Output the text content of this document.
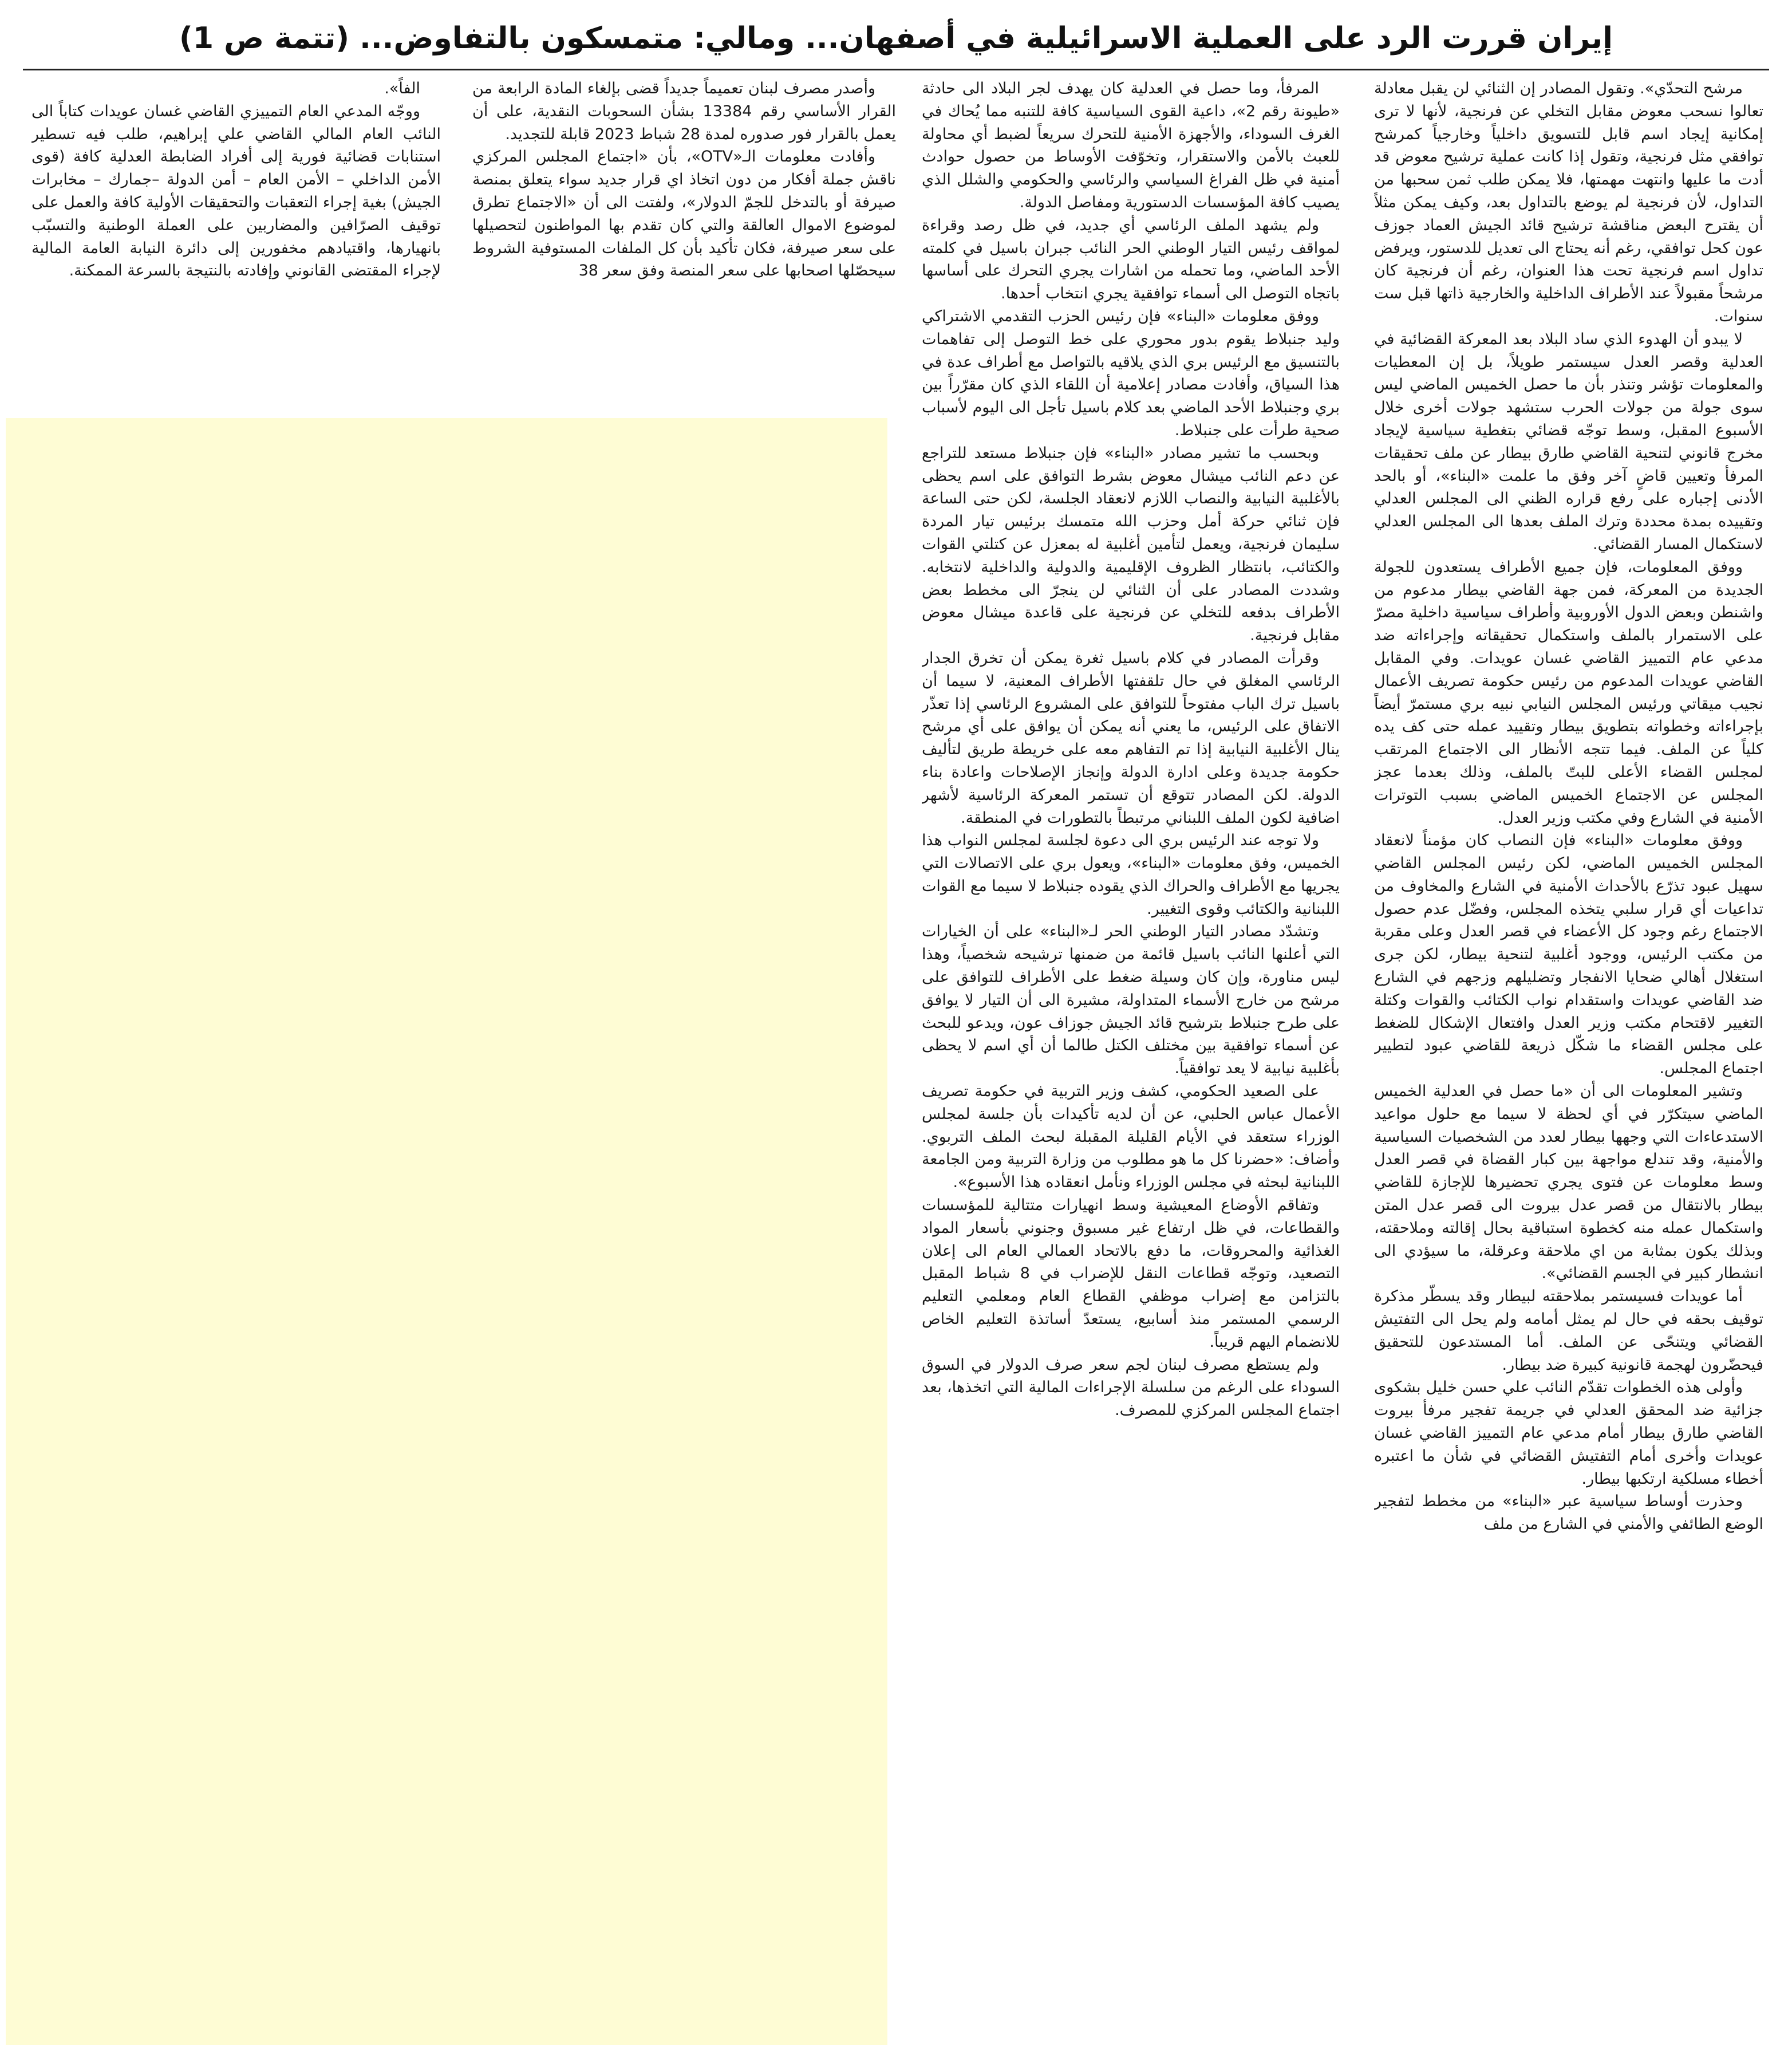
إيران قررت الرد على العملية الاسرائيلية في أصفهان... ومالي: متمسكون بالتفاوض... (تتمة ص 1)

مرشح التحدّي». وتقول المصادر إن الثنائي لن يقبل معادلة تعالوا نسحب معوض مقابل التخلي عن فرنجية، لأنها لا ترى إمكانية إيجاد اسم قابل للتسويق داخلياً وخارجياً كمرشح توافقي مثل فرنجية، وتقول إذا كانت عملية ترشيح معوض قد أدت ما عليها وانتهت مهمتها، فلا يمكن طلب ثمن سحبها من التداول، لأن فرنجية لم يوضع بالتداول بعد، وكيف يمكن مثلاً أن يقترح البعض مناقشة ترشيح قائد الجيش العماد جوزف عون كحل توافقي، رغم أنه يحتاج الى تعديل للدستور، ويرفض تداول اسم فرنجية تحت هذا العنوان، رغم أن فرنجية كان مرشحاً مقبولاً عند الأطراف الداخلية والخارجية ذاتها قبل ست سنوات.

لا يبدو أن الهدوء الذي ساد البلاد بعد المعركة القضائية في العدلية وقصر العدل سيستمر طويلاً، بل إن المعطيات والمعلومات تؤشر وتنذر بأن ما حصل الخميس الماضي ليس سوى جولة من جولات الحرب ستشهد جولات أخرى خلال الأسبوع المقبل، وسط توجّه قضائي بتغطية سياسية لإيجاد مخرج قانوني لتنحية القاضي طارق بيطار عن ملف تحقيقات المرفأ وتعيين قاضٍ آخر وفق ما علمت «البناء»، أو بالحد الأدنى إجباره على رفع قراره الظني الى المجلس العدلي وتقييده بمدة محددة وترك الملف بعدها الى المجلس العدلي لاستكمال المسار القضائي.

ووفق المعلومات، فإن جميع الأطراف يستعدون للجولة الجديدة من المعركة، فمن جهة القاضي بيطار مدعوم من واشنطن وبعض الدول الأوروبية وأطراف سياسية داخلية مصرّ على الاستمرار بالملف واستكمال تحقيقاته وإجراءاته ضد مدعي عام التمييز القاضي غسان عويدات. وفي المقابل القاضي عويدات المدعوم من رئيس حكومة تصريف الأعمال نجيب ميقاتي ورئيس المجلس النيابي نبيه بري مستمرّ أيضاً بإجراءاته وخطواته بتطويق بيطار وتقييد عمله حتى كف يده كلياً عن الملف. فيما تتجه الأنظار الى الاجتماع المرتقب لمجلس القضاء الأعلى للبتّ بالملف، وذلك بعدما عجز المجلس عن الاجتماع الخميس الماضي بسبب التوترات الأمنية في الشارع وفي مكتب وزير العدل.

ووفق معلومات «البناء» فإن النصاب كان مؤمناً لانعقاد المجلس الخميس الماضي، لكن رئيس المجلس القاضي سهيل عبود تذرّع بالأحداث الأمنية في الشارع والمخاوف من تداعيات أي قرار سلبي يتخذه المجلس، وفضّل عدم حصول الاجتماع رغم وجود كل الأعضاء في قصر العدل وعلى مقربة من مكتب الرئيس، ووجود أغلبية لتنحية بيطار، لكن جرى استغلال أهالي ضحايا الانفجار وتضليلهم وزجهم في الشارع ضد القاضي عويدات واستقدام نواب الكتائب والقوات وكتلة التغيير لاقتحام مكتب وزير العدل وافتعال الإشكال للضغط على مجلس القضاء ما شكّل ذريعة للقاضي عبود لتطيير اجتماع المجلس.

وتشير المعلومات الى أن «ما حصل في العدلية الخميس الماضي سيتكرّر في أي لحظة لا سيما مع حلول مواعيد الاستدعاءات التي وجهها بيطار لعدد من الشخصيات السياسية والأمنية، وقد تندلع مواجهة بين كبار القضاة في قصر العدل وسط معلومات عن فتوى يجري تحضيرها للإجازة للقاضي بيطار بالانتقال من قصر عدل بيروت الى قصر عدل المتن واستكمال عمله منه كخطوة استباقية بحال إقالته وملاحقته، وبذلك يكون بمثابة من اي ملاحقة وعرقلة، ما سيؤدي الى انشطار كبير في الجسم القضائي».

أما عويدات فسيستمر بملاحقته لبيطار وقد يسطّر مذكرة توقيف بحقه في حال لم يمثل أمامه ولم يحل الى التفتيش القضائي ويتنحّى عن الملف. أما المستدعون للتحقيق فيحضّرون لهجمة قانونية كبيرة ضد بيطار.

وأولى هذه الخطوات تقدّم النائب علي حسن خليل بشكوى جزائية ضد المحقق العدلي في جريمة تفجير مرفأ بيروت القاضي طارق بيطار أمام مدعي عام التمييز القاضي غسان عويدات وأخرى أمام التفتيش القضائي في شأن ما اعتبره أخطاء مسلكية ارتكبها بيطار.

وحذرت أوساط سياسية عبر «البناء» من مخطط لتفجير الوضع الطائفي والأمني في الشارع من ملف

المرفأ، وما حصل في العدلية كان يهدف لجر البلاد الى حادثة «طيونة رقم 2»، داعية القوى السياسية كافة للتنبه مما يُحاك في الغرف السوداء، والأجهزة الأمنية للتحرك سريعاً لضبط أي محاولة للعبث بالأمن والاستقرار، وتخوّفت الأوساط من حصول حوادث أمنية في ظل الفراغ السياسي والرئاسي والحكومي والشلل الذي يصيب كافة المؤسسات الدستورية ومفاصل الدولة.

ولم يشهد الملف الرئاسي أي جديد، في ظل رصد وقراءة لمواقف رئيس التيار الوطني الحر النائب جبران باسيل في كلمته الأحد الماضي، وما تحمله من اشارات يجري التحرك على أساسها باتجاه التوصل الى أسماء توافقية يجري انتخاب أحدها.

ووفق معلومات «البناء» فإن رئيس الحزب التقدمي الاشتراكي وليد جنبلاط يقوم بدور محوري على خط التوصل إلى تفاهمات بالتنسيق مع الرئيس بري الذي يلاقيه بالتواصل مع أطراف عدة في هذا السياق، وأفادت مصادر إعلامية أن اللقاء الذي كان مقرّراً بين بري وجنبلاط الأحد الماضي بعد كلام باسيل تأجل الى اليوم لأسباب صحية طرأت على جنبلاط.

وبحسب ما تشير مصادر «البناء» فإن جنبلاط مستعد للتراجع عن دعم النائب ميشال معوض بشرط التوافق على اسم يحظى بالأغلبية النيابية والنصاب اللازم لانعقاد الجلسة، لكن حتى الساعة فإن ثنائي حركة أمل وحزب الله متمسك برئيس تيار المردة سليمان فرنجية، ويعمل لتأمين أغلبية له بمعزل عن كتلتي القوات والكتائب، بانتظار الظروف الإقليمية والدولية والداخلية لانتخابه. وشددت المصادر على أن الثنائي لن ينجرّ الى مخطط بعض الأطراف بدفعه للتخلي عن فرنجية على قاعدة ميشال معوض مقابل فرنجية.

وقرأت المصادر في كلام باسيل ثغرة يمكن أن تخرق الجدار الرئاسي المغلق في حال تلقفتها الأطراف المعنية، لا سيما أن باسيل ترك الباب مفتوحاً للتوافق على المشروع الرئاسي إذا تعذّر الاتفاق على الرئيس، ما يعني أنه يمكن أن يوافق على أي مرشح ينال الأغلبية النيابية إذا تم التفاهم معه على خريطة طريق لتأليف حكومة جديدة وعلى ادارة الدولة وإنجاز الإصلاحات واعادة بناء الدولة. لكن المصادر تتوقع أن تستمر المعركة الرئاسية لأشهر اضافية لكون الملف اللبناني مرتبطاً بالتطورات في المنطقة.

ولا توجه عند الرئيس بري الى دعوة لجلسة لمجلس النواب هذا الخميس، وفق معلومات «البناء»، ويعول بري على الاتصالات التي يجريها مع الأطراف والحراك الذي يقوده جنبلاط لا سيما مع القوات اللبنانية والكتائب وقوى التغيير.

وتشدّد مصادر التيار الوطني الحر لـ«البناء» على أن الخيارات التي أعلنها النائب باسيل قائمة من ضمنها ترشيحه شخصياً، وهذا ليس مناورة، وإن كان وسيلة ضغط على الأطراف للتوافق على مرشح من خارج الأسماء المتداولة، مشيرة الى أن التيار لا يوافق على طرح جنبلاط بترشيح قائد الجيش جوزاف عون، ويدعو للبحث عن أسماء توافقية بين مختلف الكتل طالما أن أي اسم لا يحظى بأغلبية نيابية لا يعد توافقياً.

على الصعيد الحكومي، كشف وزير التربية في حكومة تصريف الأعمال عباس الحلبي، عن أن لديه تأكيدات بأن جلسة لمجلس الوزراء ستعقد في الأيام القليلة المقبلة لبحث الملف التربوي. وأضاف: «حضرنا كل ما هو مطلوب من وزارة التربية ومن الجامعة اللبنانية لبحثه في مجلس الوزراء ونأمل انعقاده هذا الأسبوع».

وتفاقم الأوضاع المعيشية وسط انهيارات متتالية للمؤسسات والقطاعات، في ظل ارتفاع غير مسبوق وجنوني بأسعار المواد الغذائية والمحروقات، ما دفع بالاتحاد العمالي العام الى إعلان التصعيد، وتوجّه قطاعات النقل للإضراب في 8 شباط المقبل بالتزامن مع إضراب موظفي القطاع العام ومعلمي التعليم الرسمي المستمر منذ أسابيع، يستعدّ أساتذة التعليم الخاص للانضمام اليهم قريباً.

ولم يستطع مصرف لبنان لجم سعر صرف الدولار في السوق السوداء على الرغم من سلسلة الإجراءات المالية التي اتخذها، بعد اجتماع المجلس المركزي للمصرف.

وأصدر مصرف لبنان تعميماً جديداً قضى بإلغاء المادة الرابعة من القرار الأساسي رقم 13384 بشأن السحوبات النقدية، على أن يعمل بالقرار فور صدوره لمدة 28 شباط 2023 قابلة للتجديد.

وأفادت معلومات الـ«OTV»، بأن «اجتماع المجلس المركزي ناقش جملة أفكار من دون اتخاذ اي قرار جديد سواء يتعلق بمنصة صيرفة أو بالتدخل للجمّ الدولار»، ولفتت الى أن «الاجتماع تطرق لموضوع الاموال العالقة والتي كان تقدم بها المواطنون لتحصيلها على سعر صيرفة، فكان تأكيد بأن كل الملفات المستوفية الشروط سيحصّلها اصحابها على سعر المنصة وفق سعر 38

الفاً».

ووجّه المدعي العام التمييزي القاضي غسان عويدات كتاباً الى النائب العام المالي القاضي علي إبراهيم، طلب فيه تسطير استنابات قضائية فورية إلى أفراد الضابطة العدلية كافة (قوى الأمن الداخلي – الأمن العام – أمن الدولة –جمارك – مخابرات الجيش) بغية إجراء التعقبات والتحقيقات الأولية كافة والعمل على توقيف الصرّافين والمضاربين على العملة الوطنية والتسبّب بانهيارها، واقتيادهم مخفورين إلى دائرة النيابة العامة المالية لإجراء المقتضى القانوني وإفادته بالنتيجة بالسرعة الممكنة.
